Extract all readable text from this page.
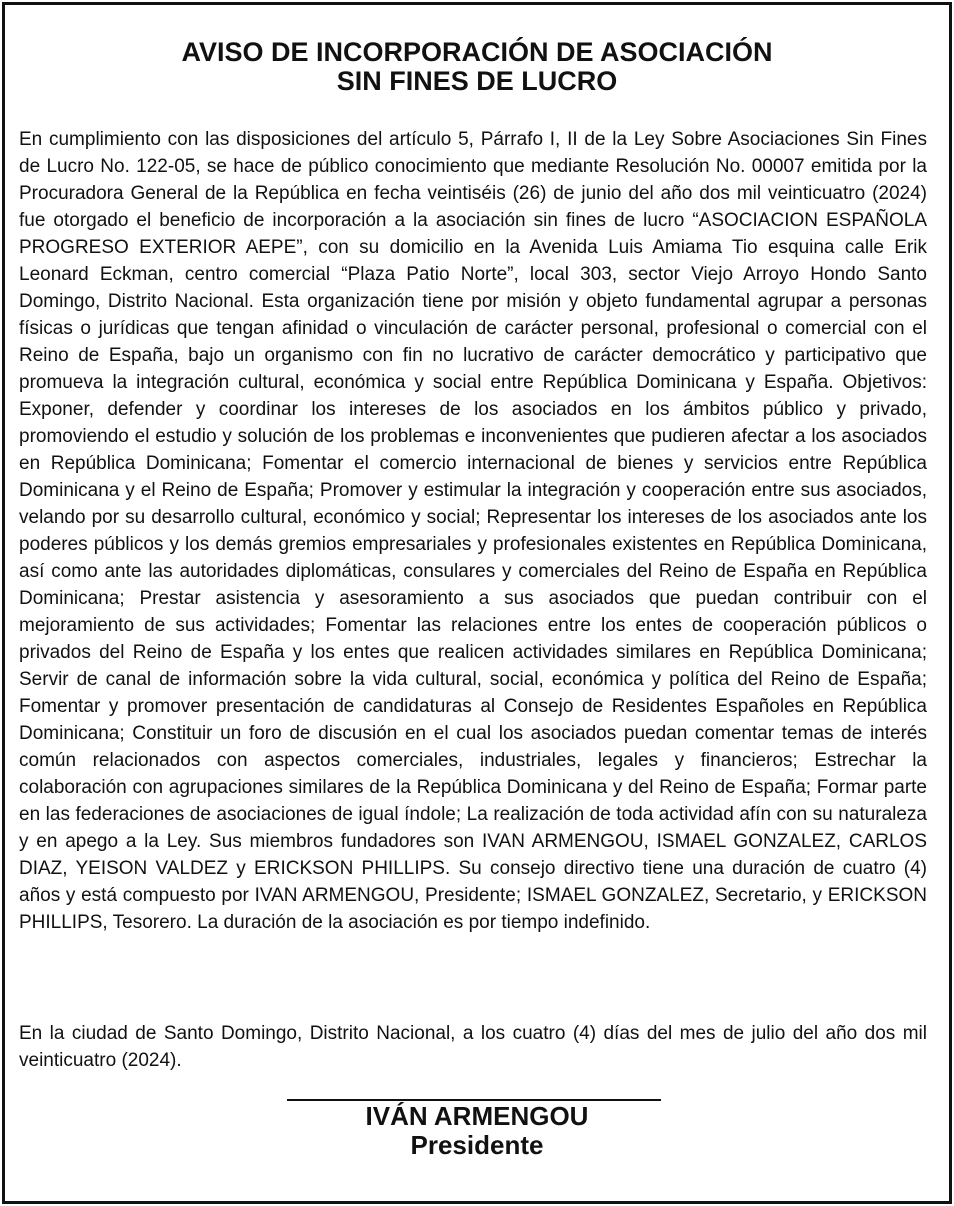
AVISO DE INCORPORACIÓN DE ASOCIACIÓN
SIN FINES DE LUCRO

En cumplimiento con las disposiciones del artículo 5, Párrafo I, II de la Ley Sobre Asociaciones Sin Fines de Lucro No. 122-05, se hace de público conocimiento que mediante Resolución No. 00007 emitida por la Procuradora General de la República en fecha veintiséis (26) de junio del año dos mil veinticuatro (2024) fue otorgado el beneficio de incorporación a la asociación sin fines de lucro “ASOCIACION ESPAÑOLA PROGRESO EXTERIOR AEPE”, con su domicilio en la Avenida Luis Amiama Tio esquina calle Erik Leonard Eckman, centro comercial “Plaza Patio Norte”, local 303, sector Viejo Arroyo Hondo Santo Domingo, Distrito Nacional. Esta organización tiene por misión y objeto fundamental agrupar a personas físicas o jurídicas que tengan afinidad o vinculación de carácter personal, profesional o comercial con el Reino de España, bajo un organismo con fin no lucrativo de carácter democrático y participativo que promueva la integración cultural, económica y social entre República Dominicana y España. Objetivos: Exponer, defender y coordinar los intereses de los asociados en los ámbitos público y privado, promoviendo el estudio y solución de los problemas e inconvenientes que pudieren afectar a los asociados en República Dominicana; Fomentar el comercio internacional de bienes y servicios entre República Dominicana y el Reino de España; Promover y estimular la integración y cooperación entre sus asociados, velando por su desarrollo cultural, económico y social; Representar los intereses de los asociados ante los poderes públicos y los demás gremios empresariales y profesionales existentes en República Dominicana, así como ante las autoridades diplomáticas, consulares y comerciales del Reino de España en República Dominicana; Prestar asistencia y asesoramiento a sus asociados que puedan contribuir con el mejoramiento de sus actividades; Fomentar las relaciones entre los entes de cooperación públicos o privados del Reino de España y los entes que realicen actividades similares en República Dominicana; Servir de canal de información sobre la vida cultural, social, económica y política del Reino de España; Fomentar y promover presentación de candidaturas al Consejo de Residentes Españoles en República Dominicana; Constituir un foro de discusión en el cual los asociados puedan comentar temas de interés común relacionados con aspectos comerciales, industriales, legales y financieros; Estrechar la colaboración con agrupaciones similares de la República Dominicana y del Reino de España; Formar parte en las federaciones de asociaciones de igual índole; La realización de toda actividad afín con su naturaleza y en apego a la Ley. Sus miembros fundadores son IVAN ARMENGOU, ISMAEL GONZALEZ, CARLOS DIAZ, YEISON VALDEZ y ERICKSON PHILLIPS. Su consejo directivo tiene una duración de cuatro (4) años y está compuesto por IVAN ARMENGOU, Presidente; ISMAEL GONZALEZ, Secretario, y ERICKSON PHILLIPS, Tesorero. La duración de la asociación es por tiempo indefinido.

En la ciudad de Santo Domingo, Distrito Nacional, a los cuatro (4) días del mes de julio del año dos mil veinticuatro (2024).

IVÁN ARMENGOU
Presidente
